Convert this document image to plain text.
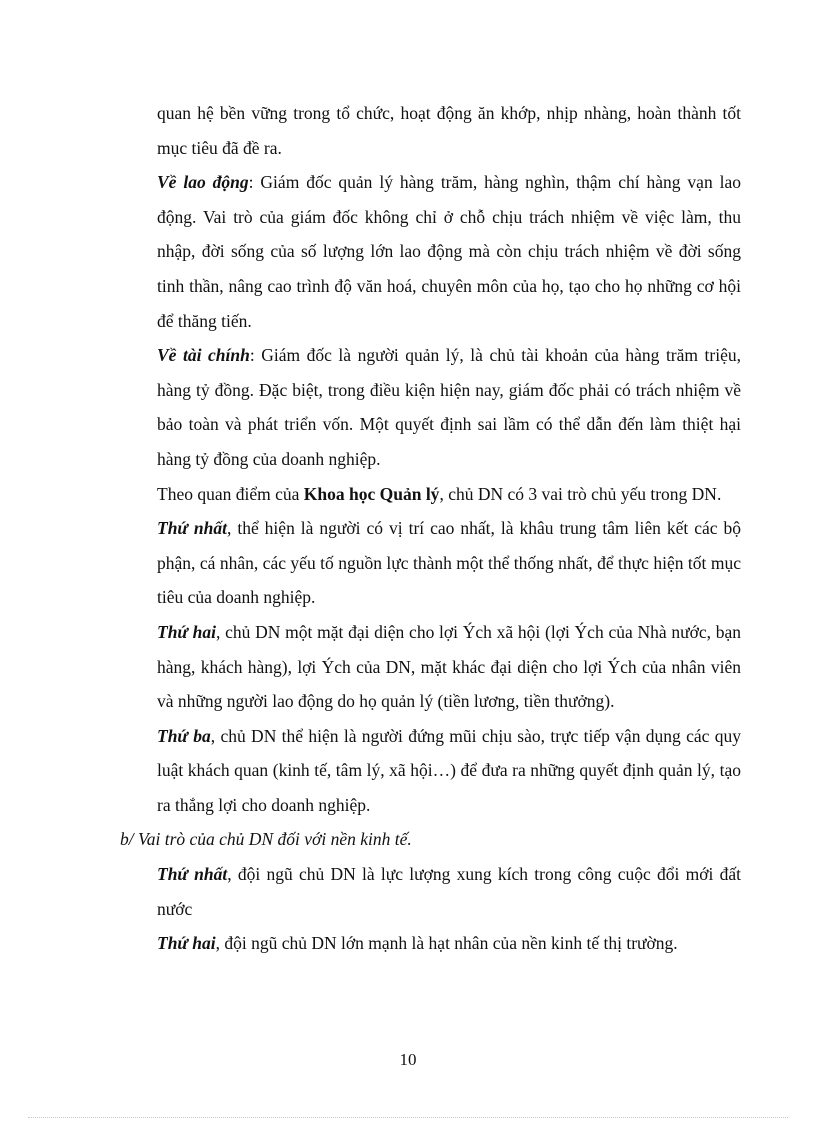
quan hệ bền vững trong tổ chức, hoạt động ăn khớp, nhịp nhàng, hoàn thành tốt mục tiêu đã đề ra.

Về lao động: Giám đốc quản lý hàng trăm, hàng nghìn, thậm chí hàng vạn lao động. Vai trò của giám đốc không chỉ ở chỗ chịu trách nhiệm về việc làm, thu nhập, đời sống của số lượng lớn lao động mà còn chịu trách nhiệm về đời sống tinh thần, nâng cao trình độ văn hoá, chuyên môn của họ, tạo cho họ những cơ hội để thăng tiến.

Về tài chính: Giám đốc là người quản lý, là chủ tài khoản của hàng trăm triệu, hàng tỷ đồng. Đặc biệt, trong điều kiện hiện nay, giám đốc phải có trách nhiệm về bảo toàn và phát triển vốn. Một quyết định sai lầm có thể dẫn đến làm thiệt hại hàng tỷ đồng của doanh nghiệp.

Theo quan điểm của Khoa học Quản lý, chủ DN có 3 vai trò chủ yếu trong DN.

Thứ nhất, thể hiện là người có vị trí cao nhất, là khâu trung tâm liên kết các bộ phận, cá nhân, các yếu tố nguồn lực thành một thể thống nhất, để thực hiện tốt mục tiêu của doanh nghiệp.

Thứ hai, chủ DN một mặt đại diện cho lợi Ých xã hội (lợi Ých của Nhà nước, bạn hàng, khách hàng), lợi Ých của DN, mặt khác đại diện cho lợi Ých của nhân viên và những người lao động do họ quản lý (tiền lương, tiền thưởng).

Thứ ba, chủ DN thể hiện là người đứng mũi chịu sào, trực tiếp vận dụng các quy luật khách quan (kinh tế, tâm lý, xã hội…) để đưa ra những quyết định quản lý, tạo ra thắng lợi cho doanh nghiệp.

b/ Vai trò của chủ DN đối với nền kinh tế.

Thứ nhất, đội ngũ chủ DN là lực lượng xung kích trong công cuộc đổi mới đất nước

Thứ hai, đội ngũ chủ DN lớn mạnh là hạt nhân của nền kinh tế thị trường.

10
